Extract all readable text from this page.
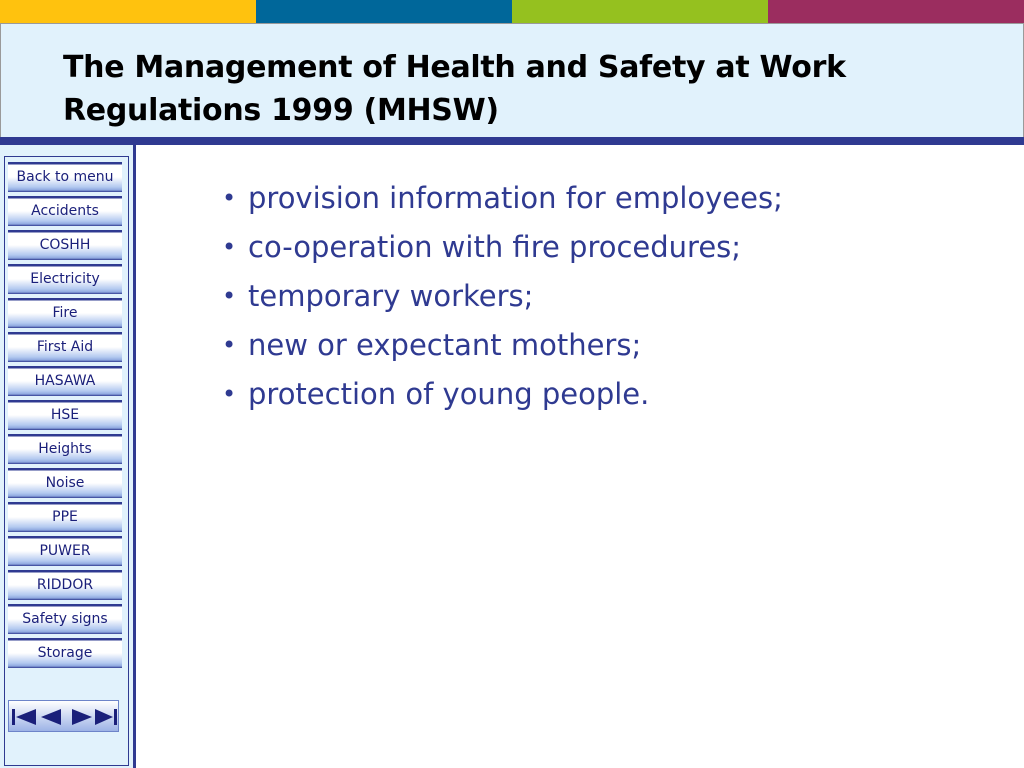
The Management of Health and Safety at Work
Regulations 1999 (MHSW)
Back to menu
Accidents
COSHH
Electricity
Fire
First Aid
HASAWA
HSE
Heights
Noise
PPE
PUWER
RIDDOR
Safety signs
Storage
• provision information for employees;
• co-operation with fire procedures;
• temporary workers;
• new or expectant mothers;
• protection of young people.
